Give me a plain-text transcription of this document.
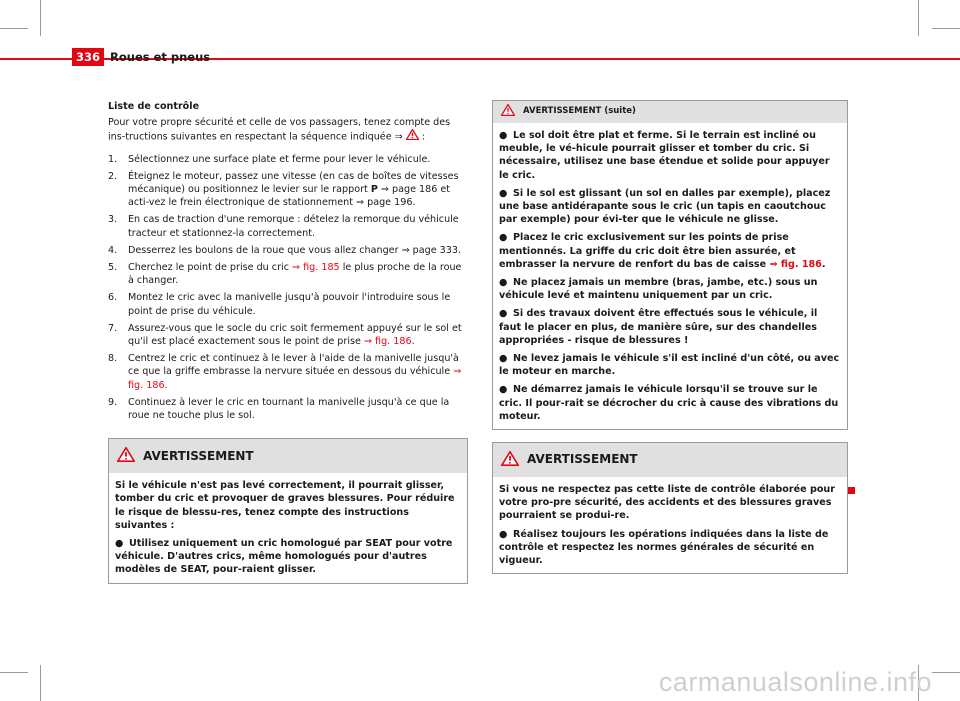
336 Roues et pneus
Liste de contrôle

Pour votre propre sécurité et celle de vos passagers, tenez compte des ins-tructions suivantes en respectant la séquence indiquée ⇒  :

1. Sélectionnez une surface plate et ferme pour lever le véhicule.
2. Éteignez le moteur, passez une vitesse (en cas de boîtes de vitesses mécanique) ou positionnez le levier sur le rapport P ⇒ page 186 et acti-vez le frein électronique de stationnement ⇒ page 196.
3. En cas de traction d'une remorque : dételez la remorque du véhicule tracteur et stationnez-la correctement.
4. Desserrez les boulons de la roue que vous allez changer ⇒ page 333.
5. Cherchez le point de prise du cric ⇒ fig. 185 le plus proche de la roue à changer.
6. Montez le cric avec la manivelle jusqu'à pouvoir l'introduire sous le point de prise du véhicule.
7. Assurez-vous que le socle du cric soit fermement appuyé sur le sol et qu'il est placé exactement sous le point de prise ⇒ fig. 186.
8. Centrez le cric et continuez à le lever à l'aide de la manivelle jusqu'à ce que la griffe embrasse la nervure située en dessous du véhicule ⇒ fig. 186.
9. Continuez à lever le cric en tournant la manivelle jusqu'à ce que la roue ne touche plus le sol.
AVERTISSEMENT

Si le véhicule n'est pas levé correctement, il pourrait glisser, tomber du cric et provoquer de graves blessures. Pour réduire le risque de blessu-res, tenez compte des instructions suivantes :

● Utilisez uniquement un cric homologué par SEAT pour votre véhicule. D'autres crics, même homologués pour d'autres modèles de SEAT, pour-raient glisser.

AVERTISSEMENT (suite)

● Le sol doit être plat et ferme. Si le terrain est incliné ou meuble, le vé-hicule pourrait glisser et tomber du cric. Si nécessaire, utilisez une base étendue et solide pour appuyer le cric.

● Si le sol est glissant (un sol en dalles par exemple), placez une base antidérapante sous le cric (un tapis en caoutchouc par exemple) pour évi-ter que le véhicule ne glisse.

● Placez le cric exclusivement sur les points de prise mentionnés. La griffe du cric doit être bien assurée, et embrasser la nervure de renfort du bas de caisse ⇒ fig. 186.

● Ne placez jamais un membre (bras, jambe, etc.) sous un véhicule levé et maintenu uniquement par un cric.

● Si des travaux doivent être effectués sous le véhicule, il faut le placer en plus, de manière sûre, sur des chandelles appropriées - risque de blessures !

● Ne levez jamais le véhicule s'il est incliné d'un côté, ou avec le moteur en marche.

● Ne démarrez jamais le véhicule lorsqu'il se trouve sur le cric. Il pour-rait se décrocher du cric à cause des vibrations du moteur.

AVERTISSEMENT

Si vous ne respectez pas cette liste de contrôle élaborée pour votre pro-pre sécurité, des accidents et des blessures graves pourraient se produi-re.

● Réalisez toujours les opérations indiquées dans la liste de contrôle et respectez les normes générales de sécurité en vigueur.

carmanualsonline.info
